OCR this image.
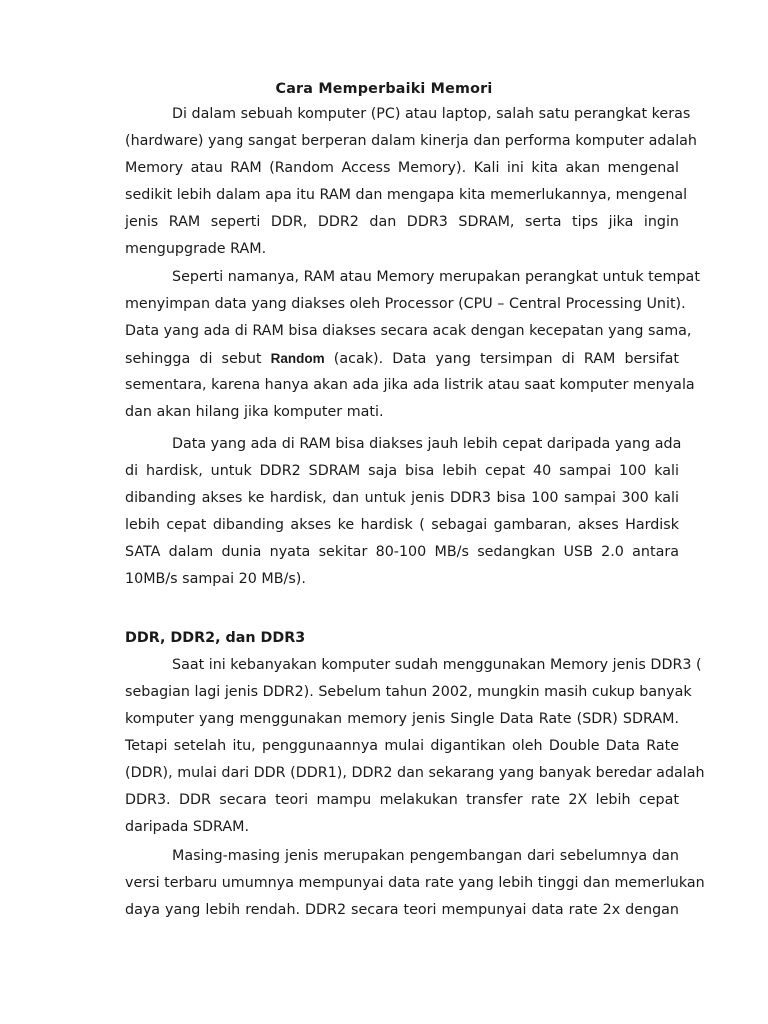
Cara Memperbaiki Memori
Di dalam sebuah komputer (PC) atau laptop, salah satu perangkat keras
(hardware) yang sangat berperan dalam kinerja dan performa komputer adalah
Memory atau RAM (Random Access Memory). Kali ini kita akan mengenal
sedikit lebih dalam apa itu RAM dan mengapa kita memerlukannya, mengenal
jenis RAM seperti DDR, DDR2 dan DDR3 SDRAM, serta tips jika ingin
mengupgrade RAM.
Seperti namanya, RAM atau Memory merupakan perangkat untuk tempat
menyimpan data yang diakses oleh Processor (CPU – Central Processing Unit).
Data yang ada di RAM bisa diakses secara acak dengan kecepatan yang sama,
sehingga di sebut Random (acak). Data yang tersimpan di RAM bersifat
sementara, karena hanya akan ada jika ada listrik atau saat komputer menyala
dan akan hilang jika komputer mati.
Data yang ada di RAM bisa diakses jauh lebih cepat daripada yang ada
di hardisk, untuk DDR2 SDRAM saja bisa lebih cepat 40 sampai 100 kali
dibanding akses ke hardisk, dan untuk jenis DDR3 bisa 100 sampai 300 kali
lebih cepat dibanding akses ke hardisk ( sebagai gambaran, akses Hardisk
SATA dalam dunia nyata sekitar 80-100 MB/s sedangkan USB 2.0 antara
10MB/s sampai 20 MB/s).
DDR, DDR2, dan DDR3
Saat ini kebanyakan komputer sudah menggunakan Memory jenis DDR3 (
sebagian lagi jenis DDR2). Sebelum tahun 2002, mungkin masih cukup banyak
komputer yang menggunakan memory jenis Single Data Rate (SDR) SDRAM.
Tetapi setelah itu, penggunaannya mulai digantikan oleh Double Data Rate
(DDR), mulai dari DDR (DDR1), DDR2 dan sekarang yang banyak beredar adalah
DDR3. DDR secara teori mampu melakukan transfer rate 2X lebih cepat
daripada SDRAM.
Masing-masing jenis merupakan pengembangan dari sebelumnya dan
versi terbaru umumnya mempunyai data rate yang lebih tinggi dan memerlukan
daya yang lebih rendah. DDR2 secara teori mempunyai data rate 2x dengan
